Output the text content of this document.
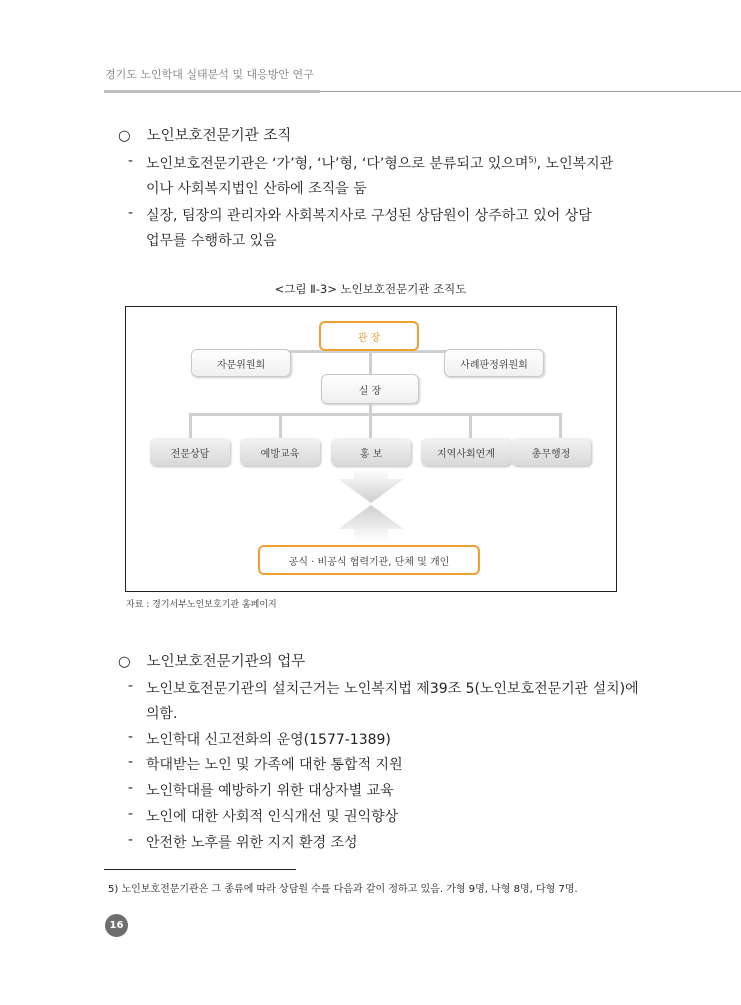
경기도 노인학대 실태분석 및 대응방안 연구
○ 노인보호전문기관 조직
- 노인보호전문기관은 ‘가’형, ‘나’형, ‘다’형으로 분류되고 있으며$^{5)}$, 노인복지관
이나 사회복지법인 산하에 조직을 둠
- 실장, 팀장의 관리자와 사회복지사로 구성된 상담원이 상주하고 있어 상담
업무를 수행하고 있음
<그림 Ⅱ-3> 노인보호전문기관 조직도
관 장
자문위원회	사례판정위원회
실 장
전문상담	예방교육	홍 보	지역사회연계	총무행정
공식 · 비공식 협력기관, 단체 및 개인
자료 : 경기서부노인보호기관 홈페이지
○ 노인보호전문기관의 업무
- 노인보호전문기관의 설치근거는 노인복지법 제39조 5(노인보호전문기관 설치)에
의함.
- 노인학대 신고전화의 운영(1577-1389)
- 학대받는 노인 및 가족에 대한 통합적 지원
- 노인학대를 예방하기 위한 대상자별 교육
- 노인에 대한 사회적 인식개선 및 권익향상
- 안전한 노후를 위한 지지 환경 조성
5) 노인보호전문기관은 그 종류에 따라 상담원 수를 다음과 같이 정하고 있음. 가형 9명, 나형 8명, 다형 7명.
16
